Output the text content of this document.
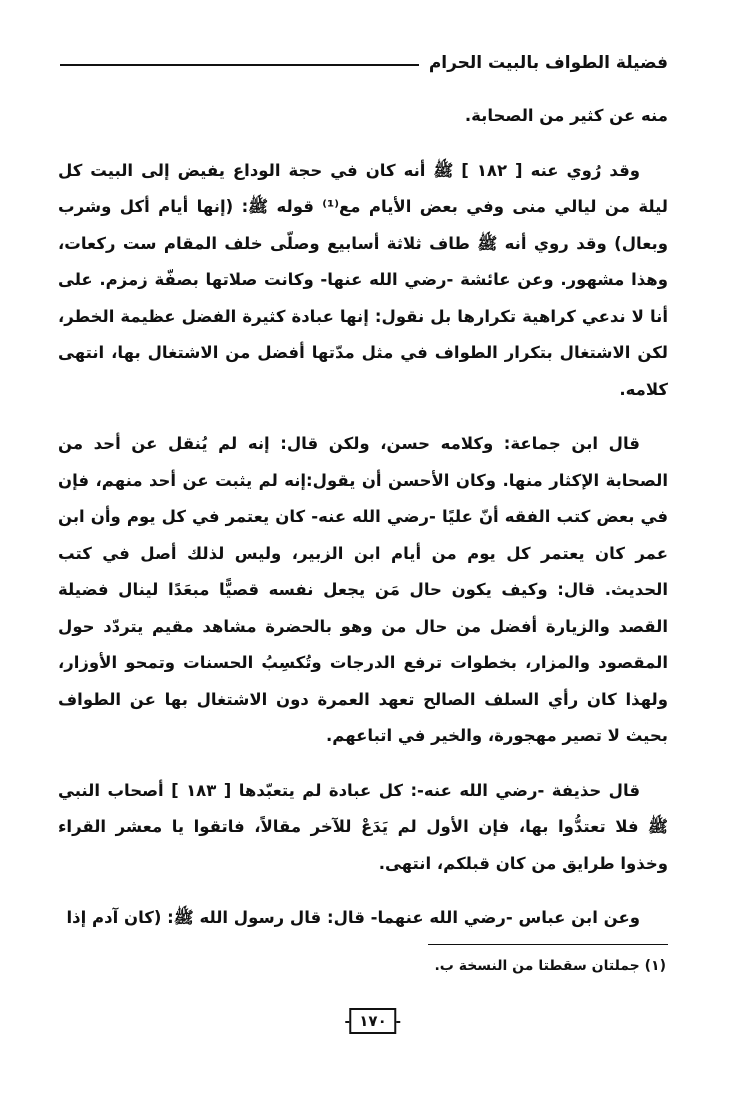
فضيلة الطواف بالبيت الحرام

منه عن كثير من الصحابة.

وقد رُوي عنه [ ١٨٢ ] ﷺ أنه كان في حجة الوداع يفيض إلى البيت كل ليلة من ليالي منى وفي بعض الأيام مع⁽¹⁾ قوله ﷺ: (إنها أيام أكل وشرب وبعال) وقد روي أنه ﷺ طاف ثلاثة أسابيع وصلّى خلف المقام ست ركعات، وهذا مشهور. وعن عائشة -رضي الله عنها- وكانت صلاتها بصفّة زمزم. على أنا لا ندعي كراهية تكرارها بل نقول: إنها عبادة كثيرة الفضل عظيمة الخطر، لكن الاشتغال بتكرار الطواف في مثل مدّتها أفضل من الاشتغال بها، انتهى كلامه.

قال ابن جماعة: وكلامه حسن، ولكن قال: إنه لم يُنقل عن أحد من الصحابة الإكثار منها. وكان الأحسن أن يقول:إنه لم يثبت عن أحد منهم، فإن في بعض كتب الفقه أنّ عليًا -رضي الله عنه- كان يعتمر في كل يوم وأن ابن عمر كان يعتمر كل يوم من أيام ابن الزبير، وليس لذلك أصل في كتب الحديث. قال: وكيف يكون حال مَن يجعل نفسه قصيًّا مبعَدًا لينال فضيلة القصد والزيارة أفضل من حال من وهو بالحضرة مشاهد مقيم يتردّد حول المقصود والمزار، بخطوات ترفع الدرجات وتُكسِبُ الحسنات وتمحو الأوزار، ولهذا كان رأي السلف الصالح تعهد العمرة دون الاشتغال بها عن الطواف بحيث لا تصير مهجورة، والخير في اتباعهم.

قال حذيفة -رضي الله عنه-: كل عبادة لم يتعبّدها [ ١٨٣ ] أصحاب النبي ﷺ فلا تعتدُّوا بها، فإن الأول لم يَدَعْ للآخر مقالاً، فاتقوا يا معشر القراء وخذوا طرايق من كان قبلكم، انتهى.

وعن ابن عباس -رضي الله عنهما- قال: قال رسول الله ﷺ: (كان آدم إذا

(١) جملتان سقطتا من النسخة ب.
١٧٠
